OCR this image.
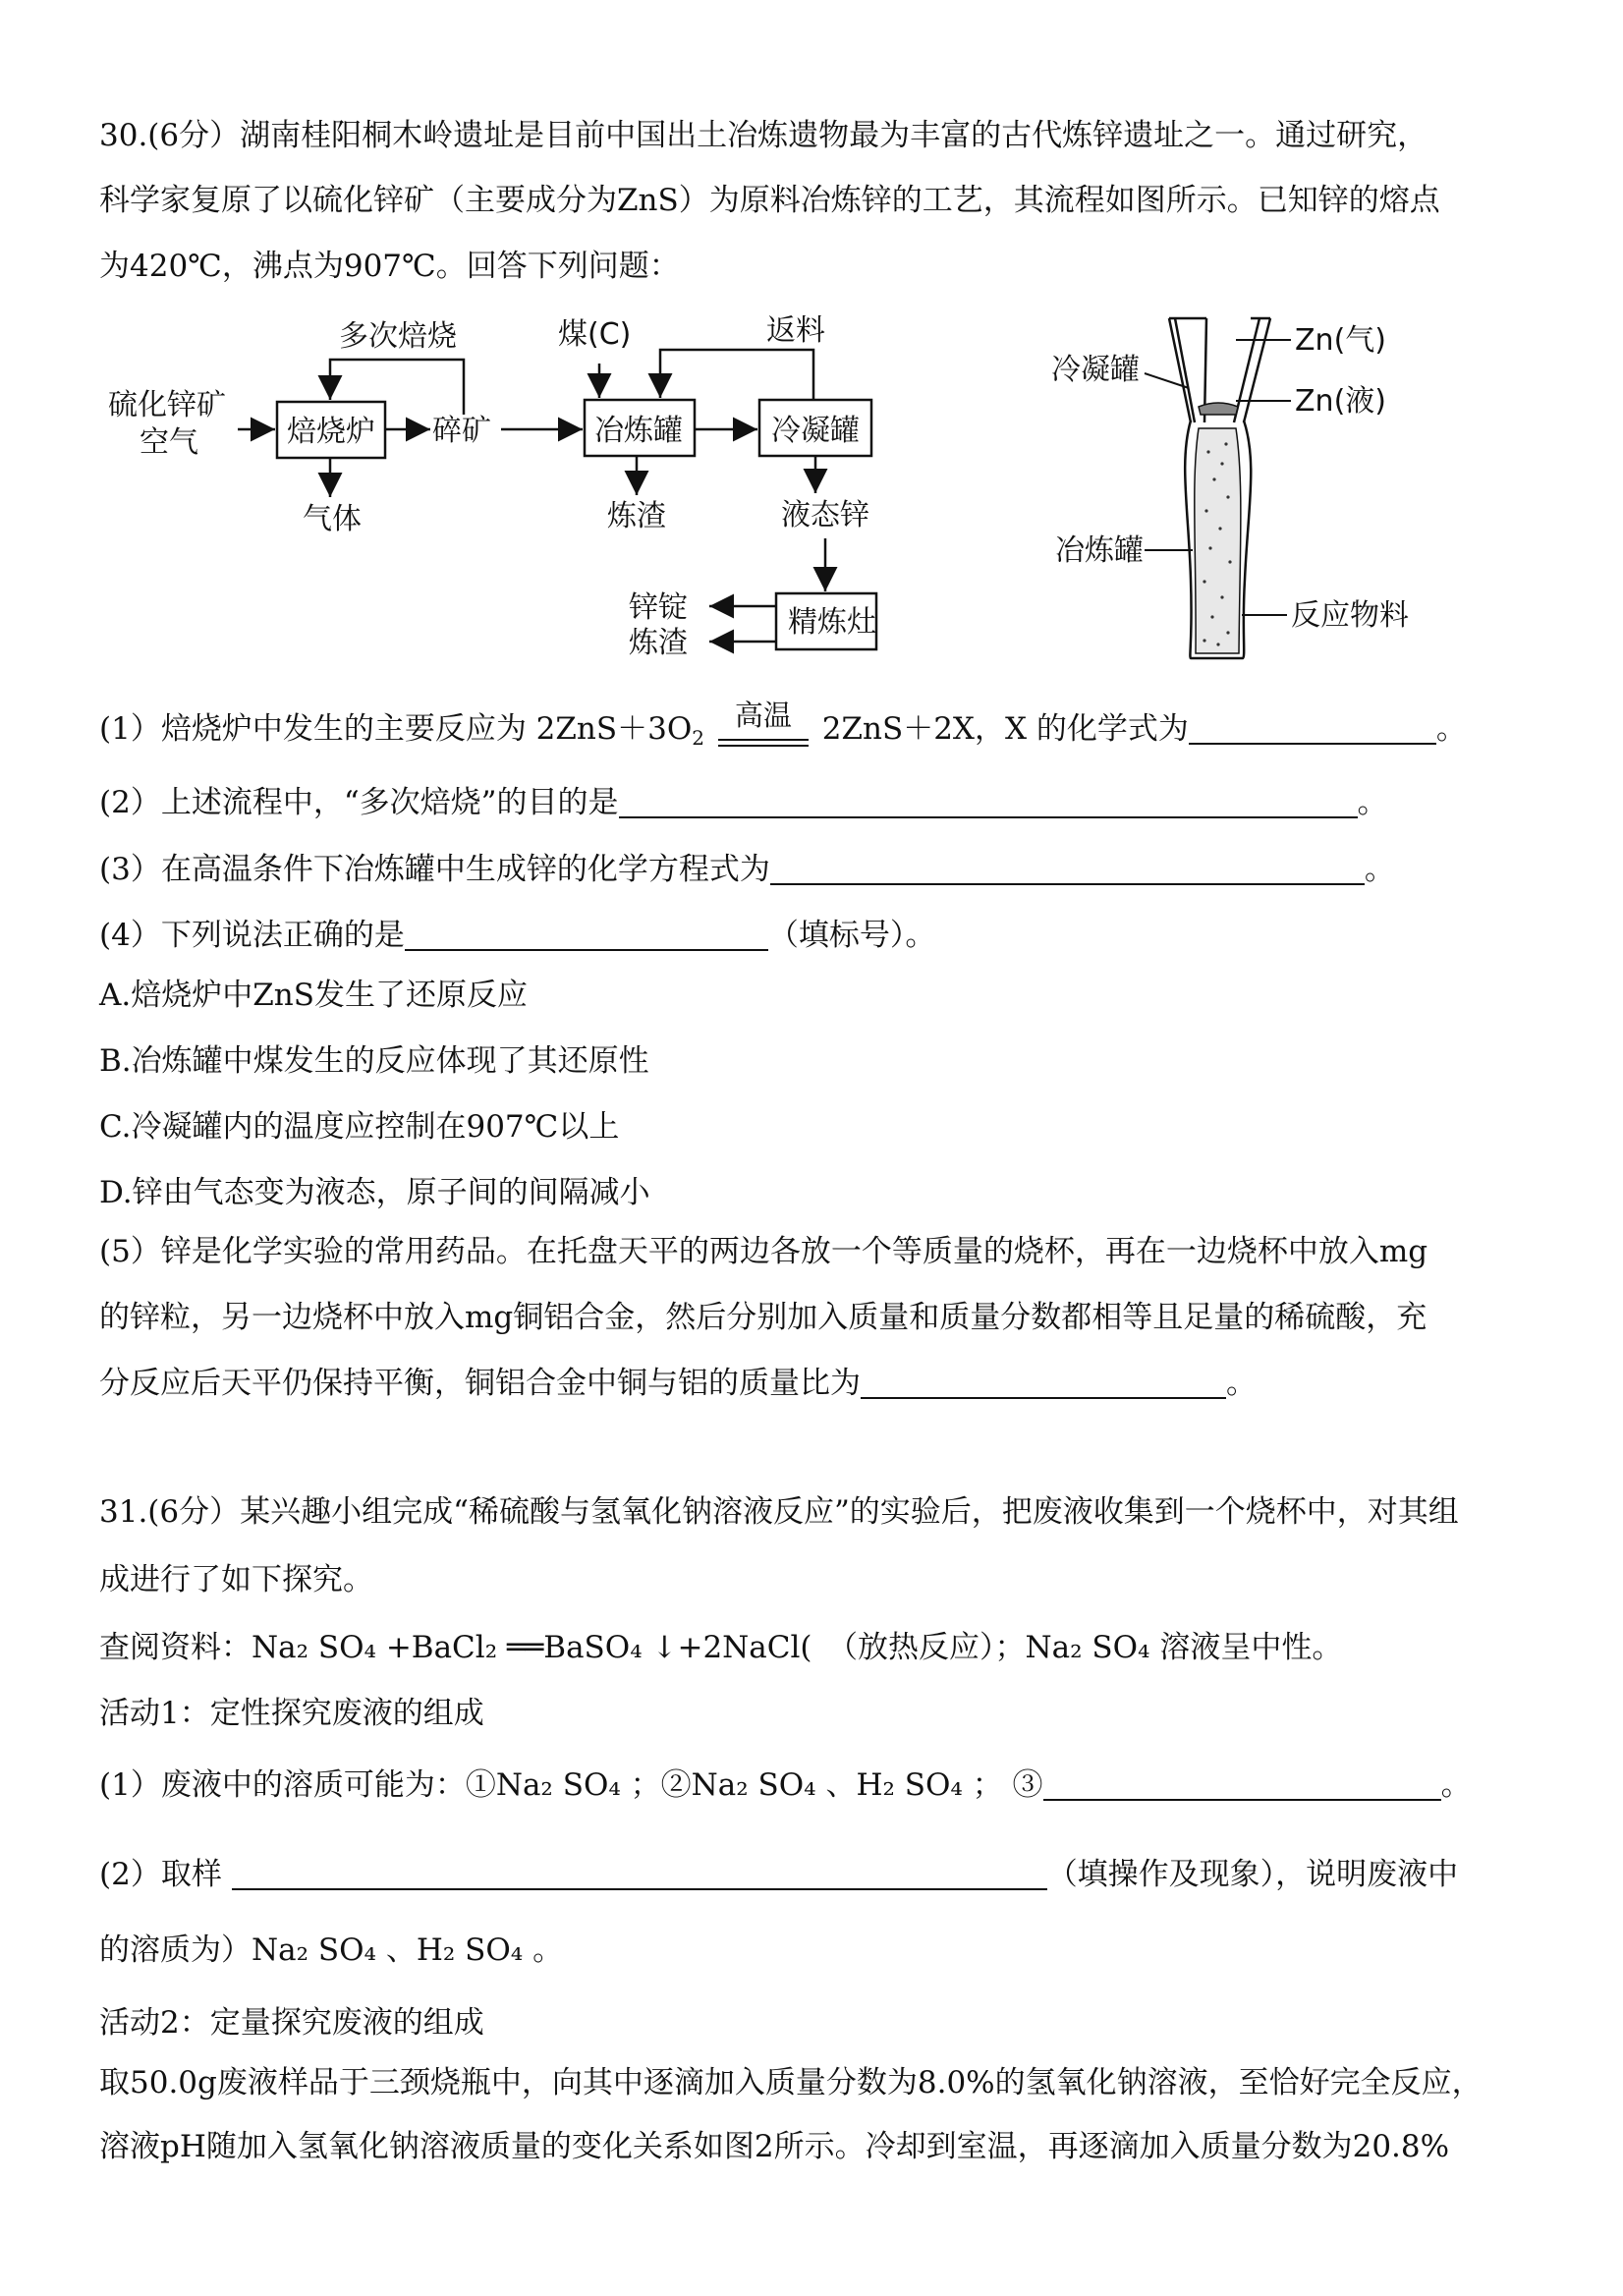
30.(6分）湖南桂阳桐木岭遗址是目前中国出土冶炼遗物最为丰富的古代炼锌遗址之一。通过研究，
科学家复原了以硫化锌矿（主要成分为ZnS）为原料冶炼锌的工艺，其流程如图所示。已知锌的熔点
为420℃，沸点为907℃。回答下列问题：
硫化锌矿
空气	焙烧炉
多次焙烧
碎矿
气体
煤(C)
冶炼罐
返料
冷凝罐
炼渣	液态锌
精炼灶
锌锭
炼渣
冷凝罐
Zn(气)
Zn(液)
冶炼罐
反应物料
(1）焙烧炉中发生的主要反应为 $2ZnS+3O_2$
高温 2ZnS＋2X，X 的化学式为	。
(2）上述流程中，“多次焙烧”的目的是	。
(3）在高温条件下冶炼罐中生成锌的化学方程式为	。
(4）下列说法正确的是	（填标号）。
A.焙烧炉中ZnS发生了还原反应
B.冶炼罐中煤发生的反应体现了其还原性
C.冷凝罐内的温度应控制在907℃以上
D.锌由气态变为液态，原子间的间隔减小
(5）锌是化学实验的常用药品。在托盘天平的两边各放一个等质量的烧杯，再在一边烧杯中放入mg
的锌粒，另一边烧杯中放入mg铜铝合金，然后分别加入质量和质量分数都相等且足量的稀硫酸，充
分反应后天平仍保持平衡，铜铝合金中铜与铝的质量比为	。
31.(6分）某兴趣小组完成“稀硫酸与氢氧化钠溶液反应”的实验后，把废液收集到一个烧杯中，对其组
成进行了如下探究。
查阅资料：Na₂ SO₄ +BaCl₂ ══BaSO₄ ↓+2NaCl(　（放热反应）；Na₂ SO₄ 溶液呈中性。
活动1：定性探究废液的组成
(1）废液中的溶质可能为：①Na₂ SO₄ ；②Na₂ SO₄ 、H₂ SO₄ ； ③	。
(2）取样	（填操作及现象），说明废液中
的溶质为）Na₂ SO₄ 、H₂ SO₄ 。
活动2：定量探究废液的组成
取50.0g废液样品于三颈烧瓶中，向其中逐滴加入质量分数为8.0%的氢氧化钠溶液，至恰好完全反应，
溶液pH随加入氢氧化钠溶液质量的变化关系如图2所示。冷却到室温，再逐滴加入质量分数为20.8%
